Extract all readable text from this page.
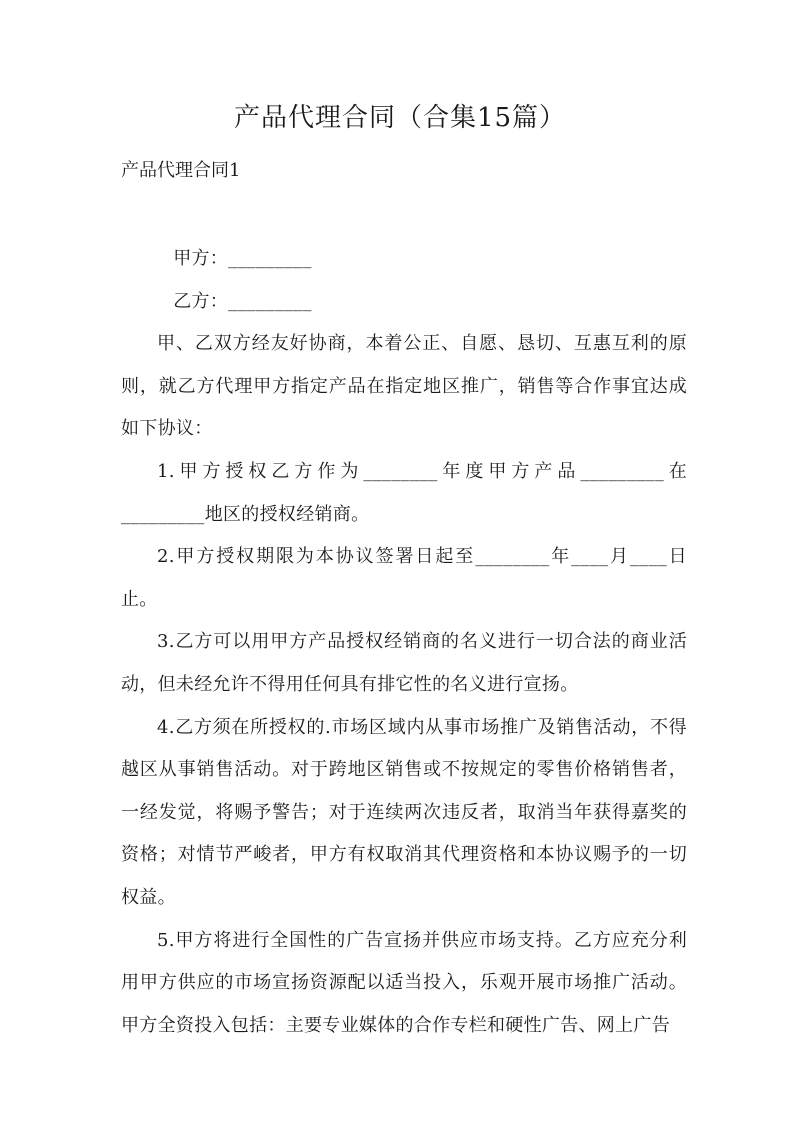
产品代理合同（合集15篇）
产品代理合同1

甲方：_________

乙方：_________

甲、乙双方经友好协商，本着公正、自愿、恳切、互惠互利的原则，就乙方代理甲方指定产品在指定地区推广，销售等合作事宜达成如下协议：

1.甲方授权乙方作为________年度甲方产品_________在_________地区的授权经销商。

2.甲方授权期限为本协议签署日起至________年____月____日止。

3.乙方可以用甲方产品授权经销商的名义进行一切合法的商业活动，但未经允许不得用任何具有排它性的名义进行宣扬。

4.乙方须在所授权的.市场区域内从事市场推广及销售活动，不得越区从事销售活动。对于跨地区销售或不按规定的零售价格销售者，一经发觉，将赐予警告；对于连续两次违反者，取消当年获得嘉奖的资格；对情节严峻者，甲方有权取消其代理资格和本协议赐予的一切权益。

5.甲方将进行全国性的广告宣扬并供应市场支持。乙方应充分利用甲方供应的市场宣扬资源配以适当投入，乐观开展市场推广活动。甲方全资投入包括：主要专业媒体的合作专栏和硬性广告、网上广告
